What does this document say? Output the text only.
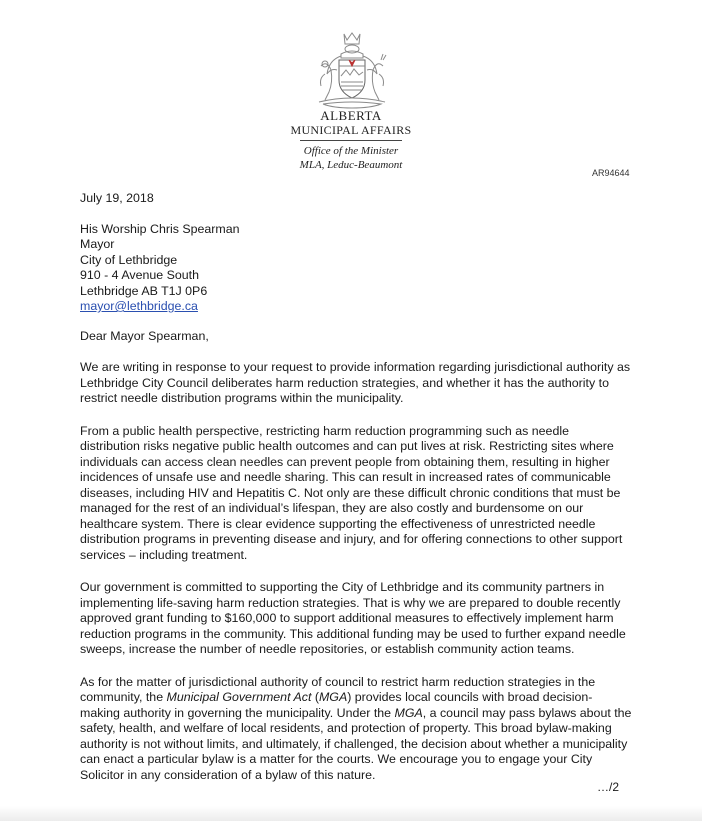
ALBERTA
MUNICIPAL AFFAIRS
Office of the Minister
MLA, Leduc-Beaumont
AR94644

July 19, 2018

His Worship Chris Spearman
Mayor
City of Lethbridge
910 - 4 Avenue South
Lethbridge AB T1J 0P6
mayor@lethbridge.ca

Dear Mayor Spearman,

We are writing in response to your request to provide information regarding jurisdictional authority as Lethbridge City Council deliberates harm reduction strategies, and whether it has the authority to restrict needle distribution programs within the municipality.

From a public health perspective, restricting harm reduction programming such as needle distribution risks negative public health outcomes and can put lives at risk. Restricting sites where individuals can access clean needles can prevent people from obtaining them, resulting in higher incidences of unsafe use and needle sharing. This can result in increased rates of communicable diseases, including HIV and Hepatitis C. Not only are these difficult chronic conditions that must be managed for the rest of an individual’s lifespan, they are also costly and burdensome on our healthcare system. There is clear evidence supporting the effectiveness of unrestricted needle distribution programs in preventing disease and injury, and for offering connections to other support services – including treatment.

Our government is committed to supporting the City of Lethbridge and its community partners in implementing life-saving harm reduction strategies. That is why we are prepared to double recently approved grant funding to $160,000 to support additional measures to effectively implement harm reduction programs in the community. This additional funding may be used to further expand needle sweeps, increase the number of needle repositories, or establish community action teams.

As for the matter of jurisdictional authority of council to restrict harm reduction strategies in the community, the Municipal Government Act (MGA) provides local councils with broad decision-making authority in governing the municipality. Under the MGA, a council may pass bylaws about the safety, health, and welfare of local residents, and protection of property. This broad bylaw-making authority is not without limits, and ultimately, if challenged, the decision about whether a municipality can enact a particular bylaw is a matter for the courts. We encourage you to engage your City Solicitor in any consideration of a bylaw of this nature.

…/2
